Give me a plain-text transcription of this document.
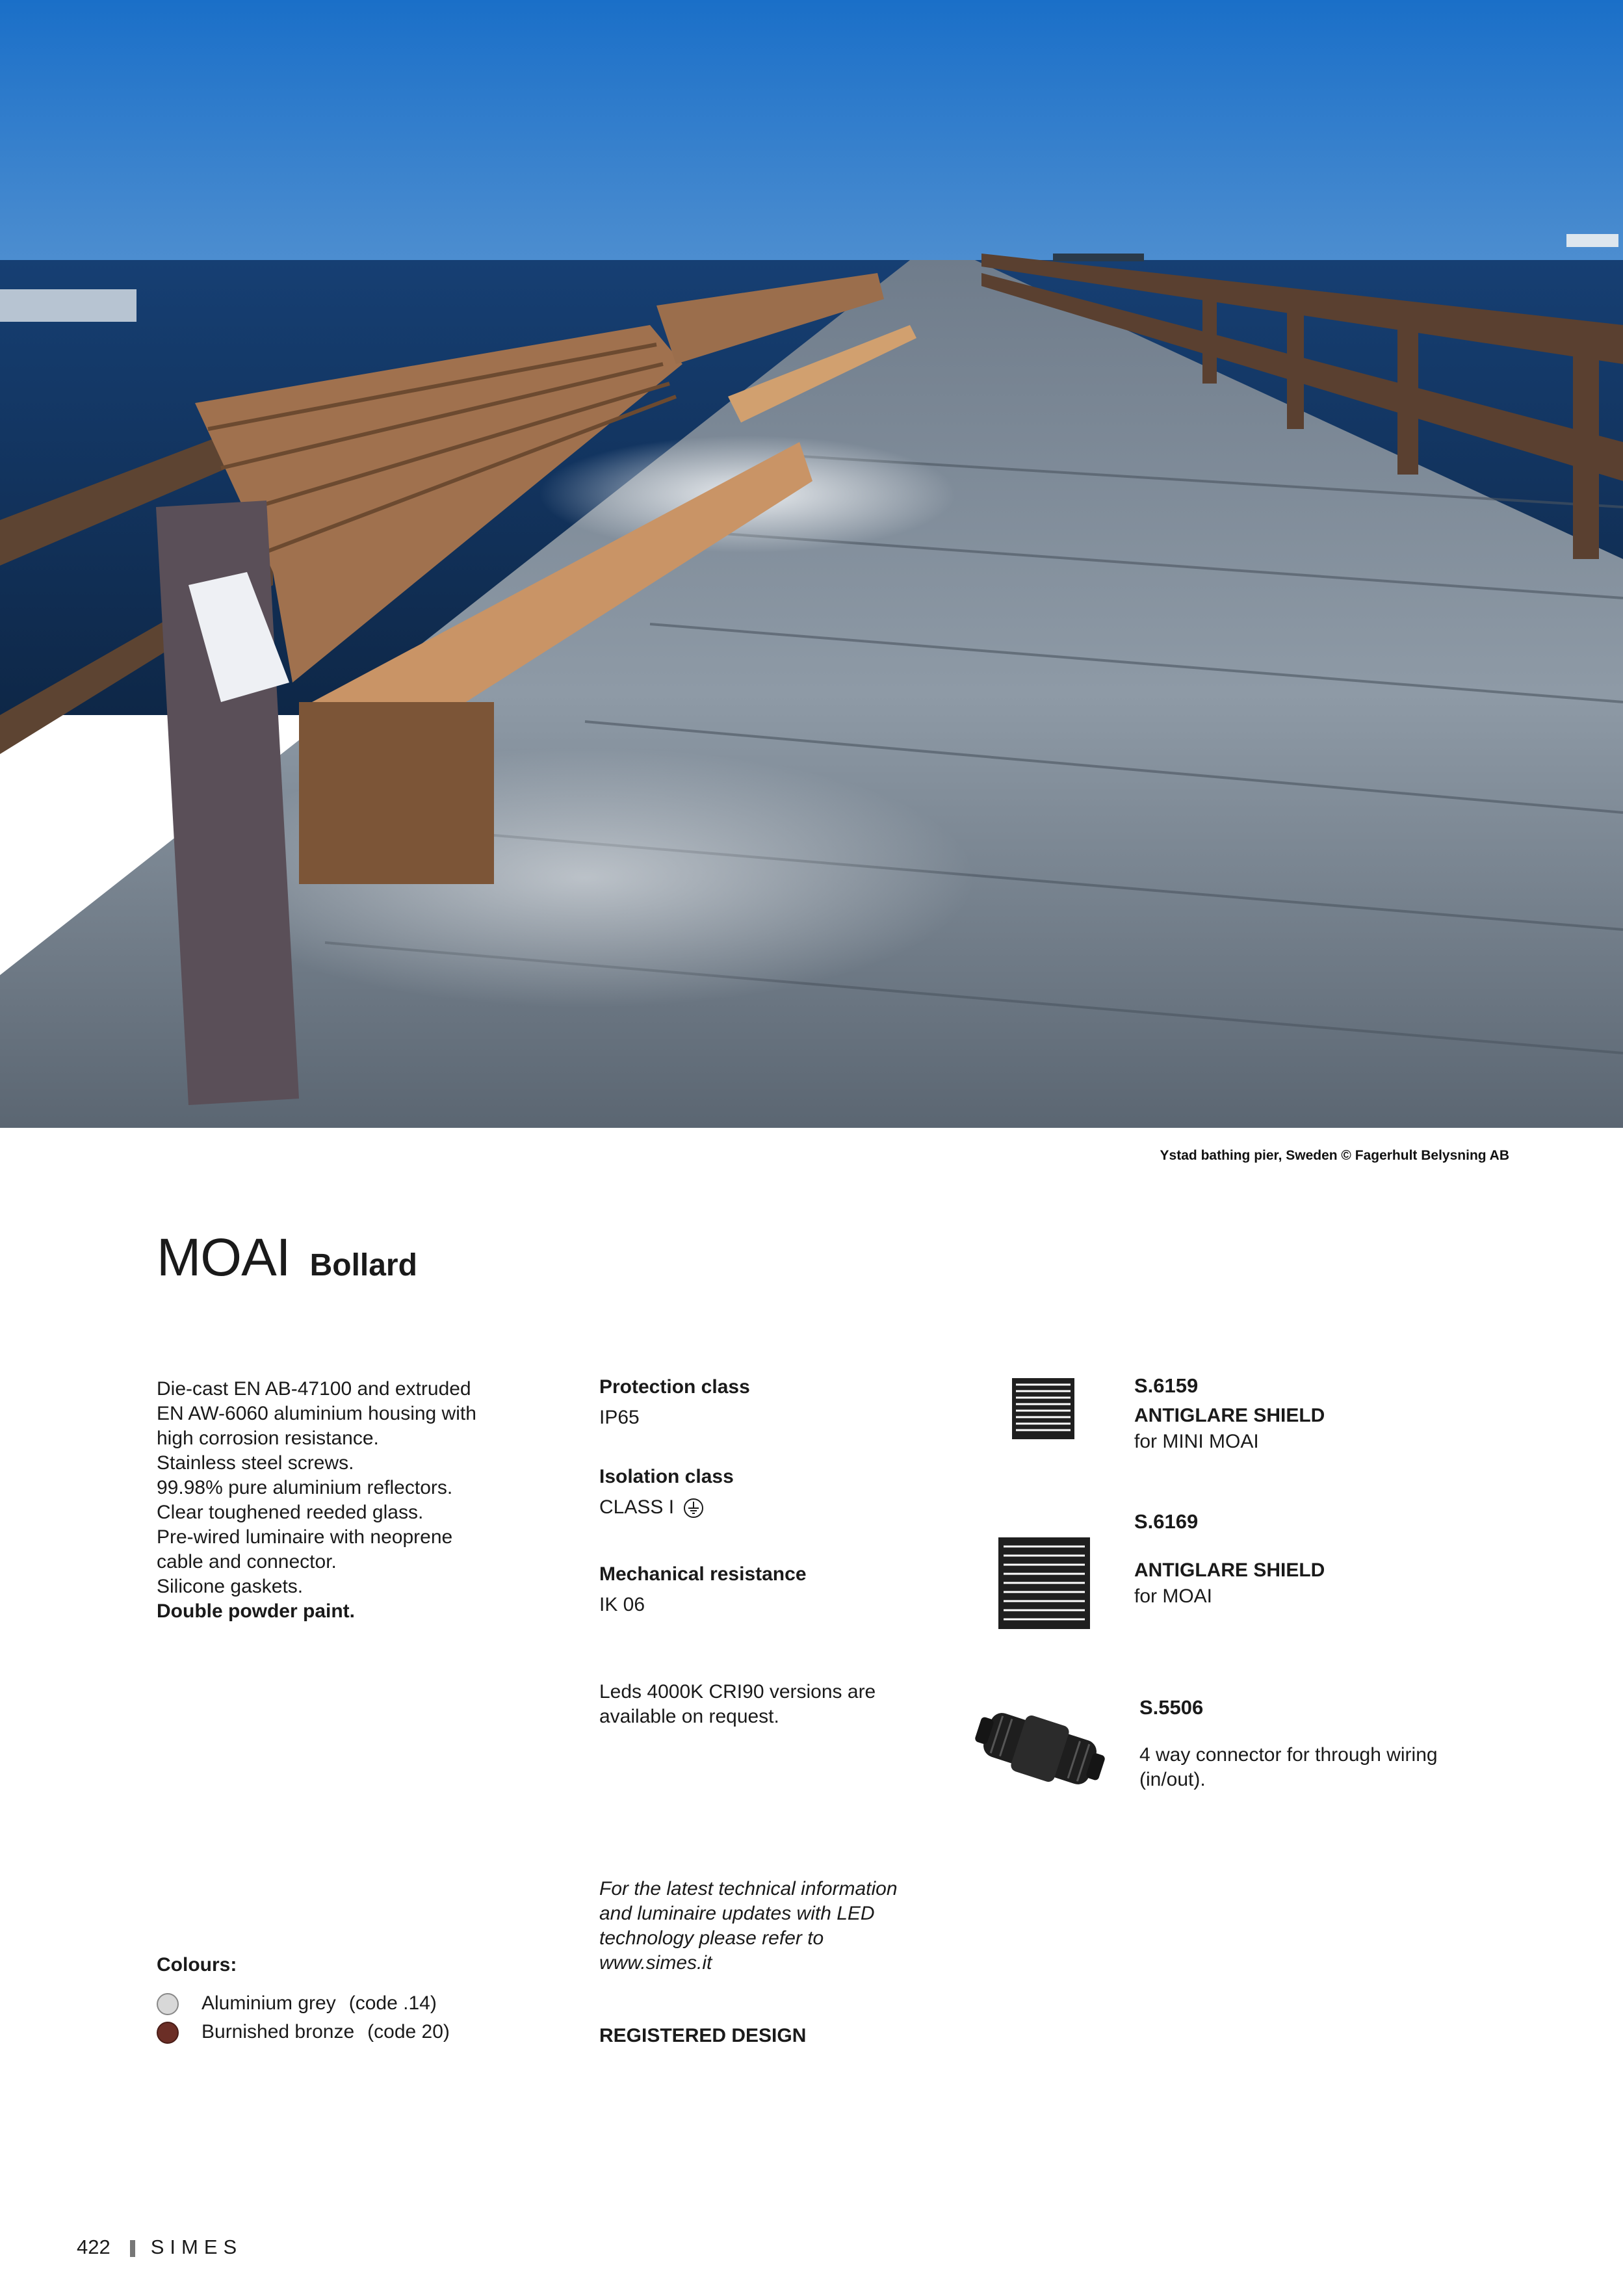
Ystad bathing pier, Sweden © Fagerhult Belysning AB
MOAI Bollard
Die-cast EN AB-47100 and extruded
EN AW-6060 aluminium housing with
high corrosion resistance.
Stainless steel screws.
99.98% pure aluminium reflectors.
Clear toughened reeded glass.
Pre-wired luminaire with neoprene
cable and connector.
Silicone gaskets.
Double powder paint.
Protection class
IP65
Isolation class
CLASS I
Mechanical resistance
IK 06
Leds 4000K CRI90 versions are
available on request.
S.6159
ANTIGLARE SHIELD
for MINI MOAI
S.6169
ANTIGLARE SHIELD
for MOAI
S.5506
4 way connector for through wiring
(in/out).
Colours:
Aluminium grey (code .14)
Burnished bronze (code 20)
For the latest technical information
and luminaire updates with LED
technology please refer to
www.simes.it
REGISTERED DESIGN
422 SIMES
